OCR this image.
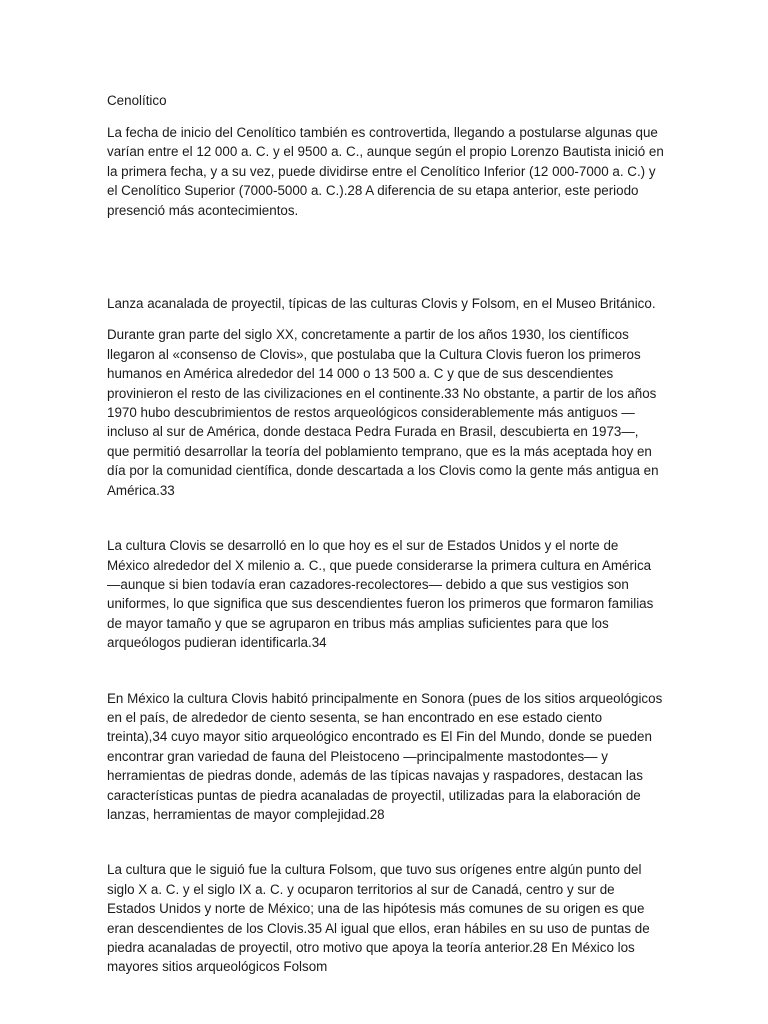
Cenolítico

La fecha de inicio del Cenolítico también es controvertida, llegando a postularse algunas que varían entre el 12 000 a. C. y el 9500 a. C., aunque según el propio Lorenzo Bautista inició en la primera fecha, y a su vez, puede dividirse entre el Cenolítico Inferior (12 000-7000 a. C.) y el Cenolítico Superior (7000-5000 a. C.).28 A diferencia de su etapa anterior, este periodo presenció más acontecimientos.

Lanza acanalada de proyectil, típicas de las culturas Clovis y Folsom, en el Museo Británico.

Durante gran parte del siglo XX, concretamente a partir de los años 1930, los científicos llegaron al «consenso de Clovis», que postulaba que la Cultura Clovis fueron los primeros humanos en América alrededor del 14 000 o 13 500 a. C y que de sus descendientes provinieron el resto de las civilizaciones en el continente.33 No obstante, a partir de los años 1970 hubo descubrimientos de restos arqueológicos considerablemente más antiguos —incluso al sur de América, donde destaca Pedra Furada en Brasil, descubierta en 1973—, que permitió desarrollar la teoría del poblamiento temprano, que es la más aceptada hoy en día por la comunidad científica, donde descartada a los Clovis como la gente más antigua en América.33

La cultura Clovis se desarrolló en lo que hoy es el sur de Estados Unidos y el norte de México alrededor del X milenio a. C., que puede considerarse la primera cultura en América —aunque si bien todavía eran cazadores-recolectores— debido a que sus vestigios son uniformes, lo que significa que sus descendientes fueron los primeros que formaron familias de mayor tamaño y que se agruparon en tribus más amplias suficientes para que los arqueólogos pudieran identificarla.34

En México la cultura Clovis habitó principalmente en Sonora (pues de los sitios arqueológicos en el país, de alrededor de ciento sesenta, se han encontrado en ese estado ciento treinta),34 cuyo mayor sitio arqueológico encontrado es El Fin del Mundo, donde se pueden encontrar gran variedad de fauna del Pleistoceno —principalmente mastodontes— y herramientas de piedras donde, además de las típicas navajas y raspadores, destacan las características puntas de piedra acanaladas de proyectil, utilizadas para la elaboración de lanzas, herramientas de mayor complejidad.28

La cultura que le siguió fue la cultura Folsom, que tuvo sus orígenes entre algún punto del siglo X a. C. y el siglo IX a. C. y ocuparon territorios al sur de Canadá, centro y sur de Estados Unidos y norte de México; una de las hipótesis más comunes de su origen es que eran descendientes de los Clovis.35 Al igual que ellos, eran hábiles en su uso de puntas de piedra acanaladas de proyectil, otro motivo que apoya la teoría anterior.28 En México los mayores sitios arqueológicos Folsom
